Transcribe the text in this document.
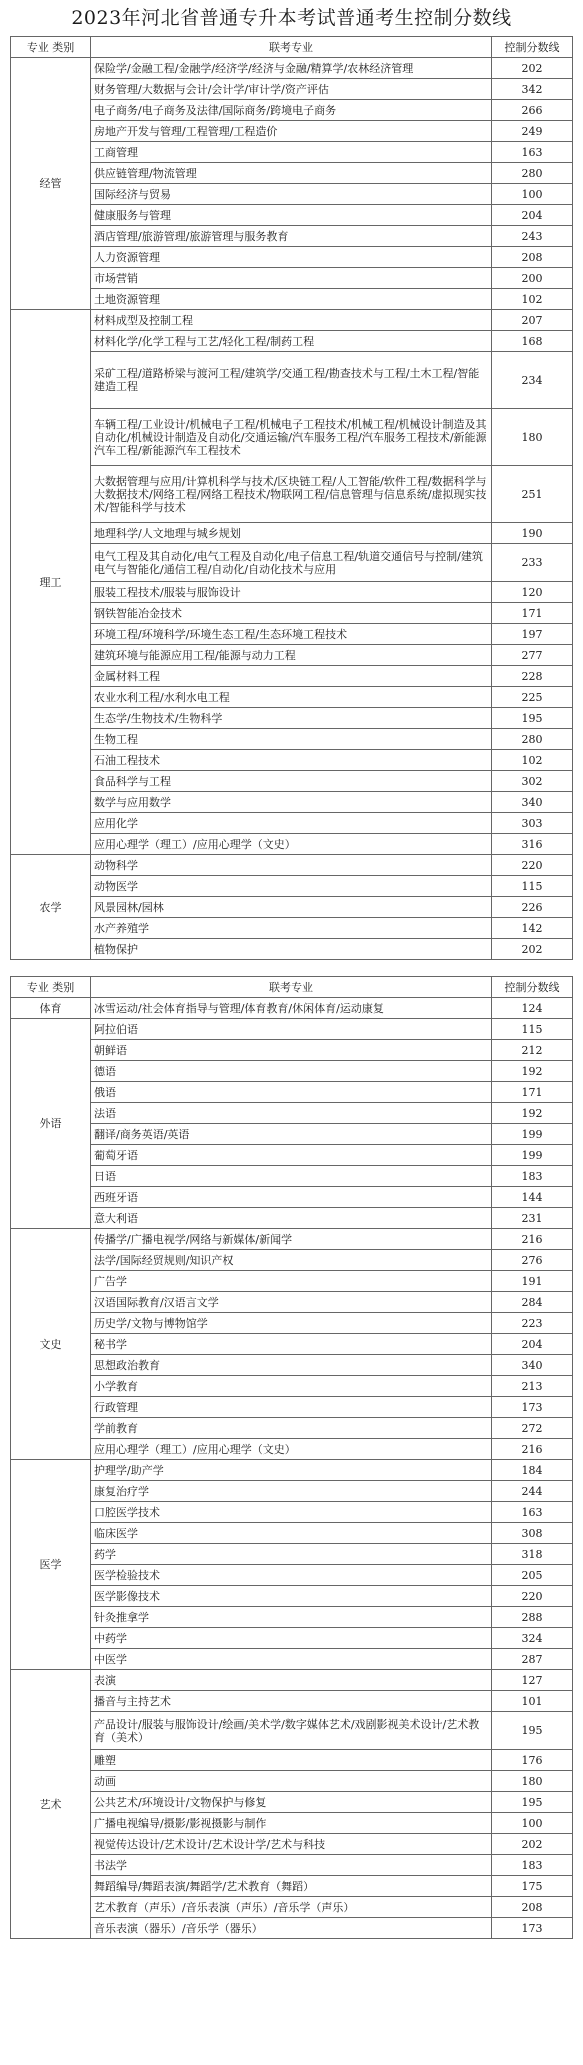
2023年河北省普通专升本考试普通考生控制分数线
专业 类别	联考专业	控制分数线
经管	保险学/金融工程/金融学/经济学/经济与金融/精算学/农林经济管理	202
	财务管理/大数据与会计/会计学/审计学/资产评估	342
	电子商务/电子商务及法律/国际商务/跨境电子商务	266
	房地产开发与管理/工程管理/工程造价	249
	工商管理	163
	供应链管理/物流管理	280
	国际经济与贸易	100
	健康服务与管理	204
	酒店管理/旅游管理/旅游管理与服务教育	243
	人力资源管理	208
	市场营销	200
	土地资源管理	102
理工	材料成型及控制工程	207
	材料化学/化学工程与工艺/轻化工程/制药工程	168
	采矿工程/道路桥梁与渡河工程/建筑学/交通工程/勘查技术与工程/土木工程/智能建造工程	234
	车辆工程/工业设计/机械电子工程/机械电子工程技术/机械工程/机械设计制造及其自动化/机械设计制造及自动化/交通运输/汽车服务工程/汽车服务工程技术/新能源汽车工程/新能源汽车工程技术	180
	大数据管理与应用/计算机科学与技术/区块链工程/人工智能/软件工程/数据科学与大数据技术/网络工程/网络工程技术/物联网工程/信息管理与信息系统/虚拟现实技术/智能科学与技术	251
	地理科学/人文地理与城乡规划	190
	电气工程及其自动化/电气工程及自动化/电子信息工程/轨道交通信号与控制/建筑电气与智能化/通信工程/自动化/自动化技术与应用	233
	服装工程技术/服装与服饰设计	120
	钢铁智能冶金技术	171
	环境工程/环境科学/环境生态工程/生态环境工程技术	197
	建筑环境与能源应用工程/能源与动力工程	277
	金属材料工程	228
	农业水利工程/水利水电工程	225
	生态学/生物技术/生物科学	195
	生物工程	280
	石油工程技术	102
	食品科学与工程	302
	数学与应用数学	340
	应用化学	303
	应用心理学（理工）/应用心理学（文史）	316
农学	动物科学	220
	动物医学	115
	风景园林/园林	226
	水产养殖学	142
	植物保护	202
专业 类别	联考专业	控制分数线
体育	冰雪运动/社会体育指导与管理/体育教育/休闲体育/运动康复	124
外语	阿拉伯语	115
	朝鲜语	212
	德语	192
	俄语	171
	法语	192
	翻译/商务英语/英语	199
	葡萄牙语	199
	日语	183
	西班牙语	144
	意大利语	231
文史	传播学/广播电视学/网络与新媒体/新闻学	216
	法学/国际经贸规则/知识产权	276
	广告学	191
	汉语国际教育/汉语言文学	284
	历史学/文物与博物馆学	223
	秘书学	204
	思想政治教育	340
	小学教育	213
	行政管理	173
	学前教育	272
	应用心理学（理工）/应用心理学（文史）	216
医学	护理学/助产学	184
	康复治疗学	244
	口腔医学技术	163
	临床医学	308
	药学	318
	医学检验技术	205
	医学影像技术	220
	针灸推拿学	288
	中药学	324
	中医学	287
艺术	表演	127
	播音与主持艺术	101
	产品设计/服装与服饰设计/绘画/美术学/数字媒体艺术/戏剧影视美术设计/艺术教育（美术）	195
	雕塑	176
	动画	180
	公共艺术/环境设计/文物保护与修复	195
	广播电视编导/摄影/影视摄影与制作	100
	视觉传达设计/艺术设计/艺术设计学/艺术与科技	202
	书法学	183
	舞蹈编导/舞蹈表演/舞蹈学/艺术教育（舞蹈）	175
	艺术教育（声乐）/音乐表演（声乐）/音乐学（声乐）	208
	音乐表演（器乐）/音乐学（器乐）	173
